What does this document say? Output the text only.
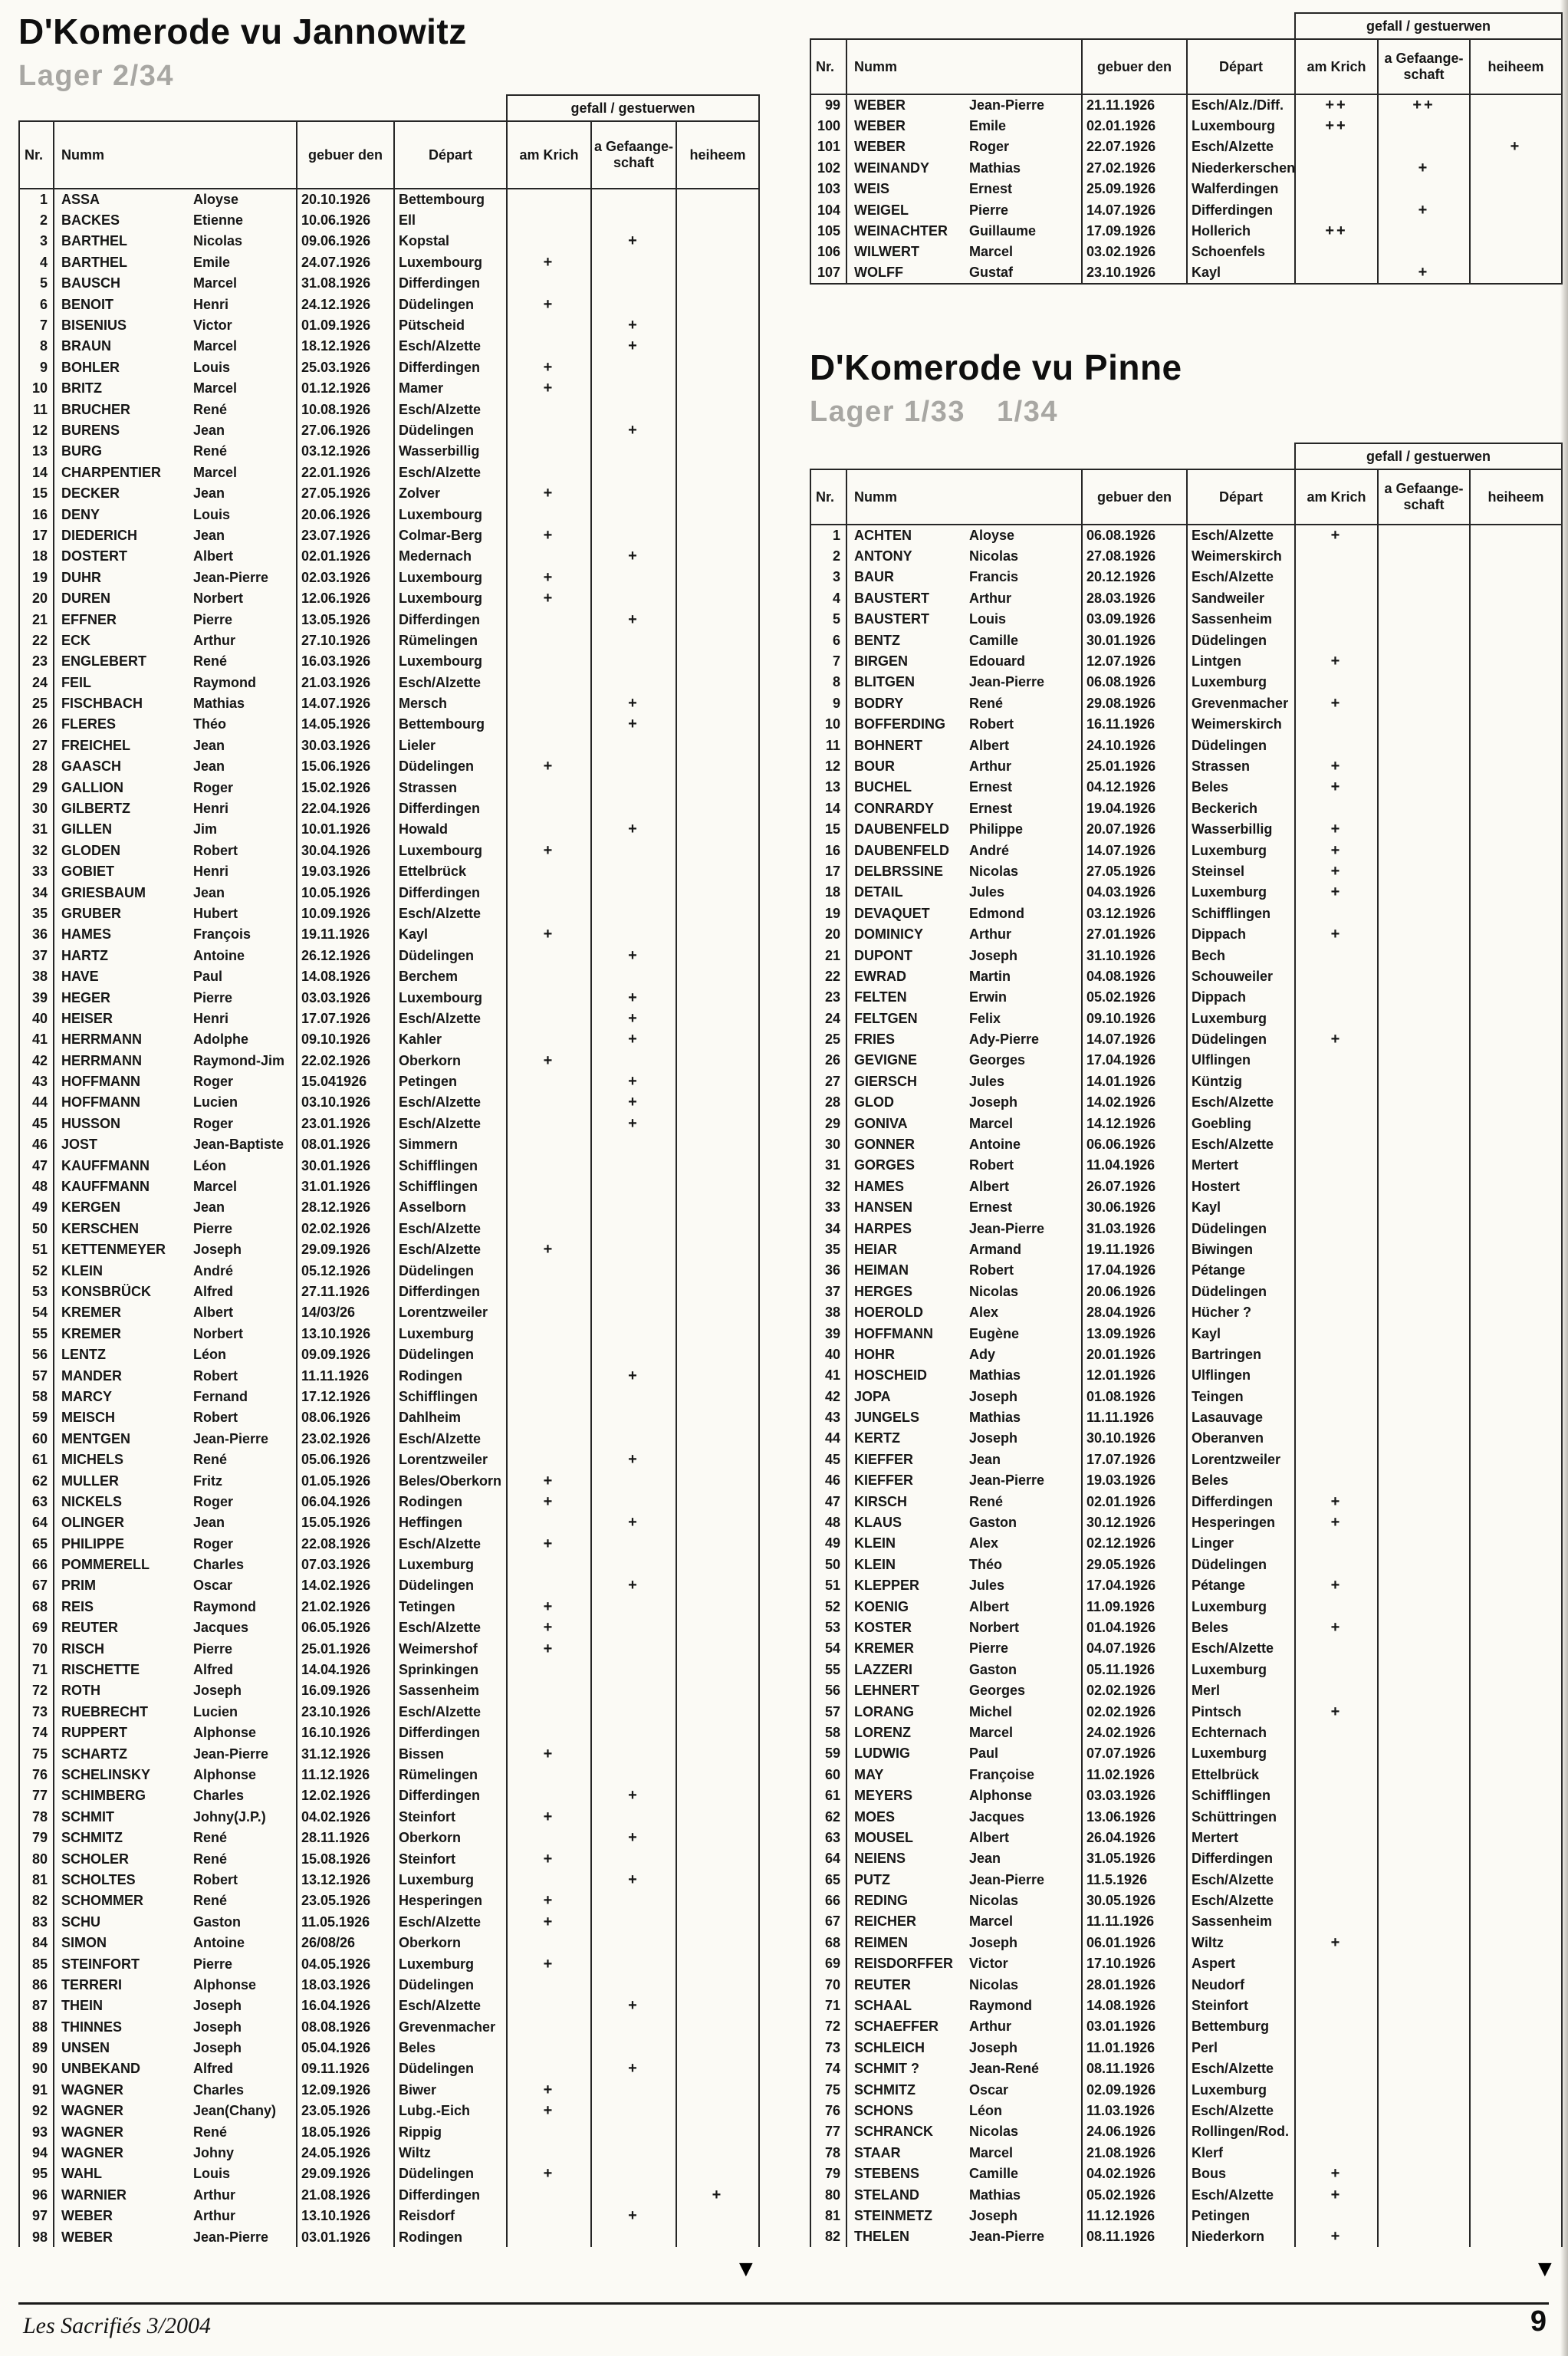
D'Komerode vu Jannowitz
Lager 2/34
				gefall / gestuerwen		
Nr.	Numm	gebuer den	Départ	am Krich	a Gefaange-
schaft	heiheem
1	ASSA Aloyse	20.10.1926	Bettembourg			
2	BACKES Etienne	10.06.1926	Ell			
3	BARTHEL Nicolas	09.06.1926	Kopstal		+	
4	BARTHEL Emile	24.07.1926	Luxembourg	+		
5	BAUSCH Marcel	31.08.1926	Differdingen			
6	BENOIT Henri	24.12.1926	Düdelingen	+		
7	BISENIUS Victor	01.09.1926	Pütscheid		+	
8	BRAUN Marcel	18.12.1926	Esch/Alzette		+	
9	BOHLER Louis	25.03.1926	Differdingen	+		
10	BRITZ Marcel	01.12.1926	Mamer	+		
11	BRUCHER René	10.08.1926	Esch/Alzette			
12	BURENS Jean	27.06.1926	Düdelingen		+	
13	BURG René	03.12.1926	Wasserbillig			
14	CHARPENTIER Marcel	22.01.1926	Esch/Alzette			
15	DECKER Jean	27.05.1926	Zolver	+		
16	DENY Louis	20.06.1926	Luxembourg			
17	DIEDERICH Jean	23.07.1926	Colmar-Berg	+		
18	DOSTERT Albert	02.01.1926	Medernach		+	
19	DUHR Jean-Pierre	02.03.1926	Luxembourg	+		
20	DUREN Norbert	12.06.1926	Luxembourg	+		
21	EFFNER Pierre	13.05.1926	Differdingen		+	
22	ECK Arthur	27.10.1926	Rümelingen			
23	ENGLEBERT René	16.03.1926	Luxembourg			
24	FEIL Raymond	21.03.1926	Esch/Alzette			
25	FISCHBACH Mathias	14.07.1926	Mersch		+	
26	FLERES Théo	14.05.1926	Bettembourg		+	
27	FREICHEL Jean	30.03.1926	Lieler			
28	GAASCH Jean	15.06.1926	Düdelingen	+		
29	GALLION Roger	15.02.1926	Strassen			
30	GILBERTZ Henri	22.04.1926	Differdingen			
31	GILLEN Jim	10.01.1926	Howald		+	
32	GLODEN Robert	30.04.1926	Luxembourg	+		
33	GOBIET Henri	19.03.1926	Ettelbrück			
34	GRIESBAUM Jean	10.05.1926	Differdingen			
35	GRUBER Hubert	10.09.1926	Esch/Alzette			
36	HAMES François	19.11.1926	Kayl	+		
37	HARTZ Antoine	26.12.1926	Düdelingen		+	
38	HAVE Paul	14.08.1926	Berchem			
39	HEGER Pierre	03.03.1926	Luxembourg		+	
40	HEISER Henri	17.07.1926	Esch/Alzette		+	
41	HERRMANN Adolphe	09.10.1926	Kahler		+	
42	HERRMANN Raymond-Jim	22.02.1926	Oberkorn	+		
43	HOFFMANN Roger	15.041926	Petingen		+	
44	HOFFMANN Lucien	03.10.1926	Esch/Alzette		+	
45	HUSSON Roger	23.01.1926	Esch/Alzette		+	
46	JOST Jean-Baptiste	08.01.1926	Simmern			
47	KAUFFMANN Léon	30.01.1926	Schifflingen			
48	KAUFFMANN Marcel	31.01.1926	Schifflingen			
49	KERGEN Jean	28.12.1926	Asselborn			
50	KERSCHEN Pierre	02.02.1926	Esch/Alzette			
51	KETTENMEYER Joseph	29.09.1926	Esch/Alzette	+		
52	KLEIN André	05.12.1926	Düdelingen			
53	KONSBRÜCK Alfred	27.11.1926	Differdingen			
54	KREMER Albert	14/03/26	Lorentzweiler			
55	KREMER Norbert	13.10.1926	Luxemburg			
56	LENTZ Léon	09.09.1926	Düdelingen			
57	MANDER Robert	11.11.1926	Rodingen		+	
58	MARCY Fernand	17.12.1926	Schifflingen			
59	MEISCH Robert	08.06.1926	Dahlheim			
60	MENTGEN Jean-Pierre	23.02.1926	Esch/Alzette			
61	MICHELS René	05.06.1926	Lorentzweiler		+	
62	MULLER Fritz	01.05.1926	Beles/Oberkorn	+		
63	NICKELS Roger	06.04.1926	Rodingen	+		
64	OLINGER Jean	15.05.1926	Heffingen		+	
65	PHILIPPE Roger	22.08.1926	Esch/Alzette	+		
66	POMMERELL Charles	07.03.1926	Luxemburg			
67	PRIM Oscar	14.02.1926	Düdelingen		+	
68	REIS Raymond	21.02.1926	Tetingen	+		
69	REUTER Jacques	06.05.1926	Esch/Alzette	+		
70	RISCH Pierre	25.01.1926	Weimershof	+		
71	RISCHETTE Alfred	14.04.1926	Sprinkingen			
72	ROTH Joseph	16.09.1926	Sassenheim			
73	RUEBRECHT Lucien	23.10.1926	Esch/Alzette			
74	RUPPERT Alphonse	16.10.1926	Differdingen			
75	SCHARTZ Jean-Pierre	31.12.1926	Bissen	+		
76	SCHELINSKY Alphonse	11.12.1926	Rümelingen			
77	SCHIMBERG Charles	12.02.1926	Differdingen		+	
78	SCHMIT Johny(J.P.)	04.02.1926	Steinfort	+		
79	SCHMITZ René	28.11.1926	Oberkorn		+	
80	SCHOLER René	15.08.1926	Steinfort	+		
81	SCHOLTES Robert	13.12.1926	Luxemburg		+	
82	SCHOMMER René	23.05.1926	Hesperingen	+		
83	SCHU Gaston	11.05.1926	Esch/Alzette	+		
84	SIMON Antoine	26/08/26	Oberkorn			
85	STEINFORT Pierre	04.05.1926	Luxemburg	+		
86	TERRERI Alphonse	18.03.1926	Düdelingen			
87	THEIN Joseph	16.04.1926	Esch/Alzette		+	
88	THINNES Joseph	08.08.1926	Grevenmacher			
89	UNSEN Joseph	05.04.1926	Beles			
90	UNBEKAND Alfred	09.11.1926	Düdelingen		+	
91	WAGNER Charles	12.09.1926	Biwer	+		
92	WAGNER Jean(Chany)	23.05.1926	Lubg.-Eich	+		
93	WAGNER René	18.05.1926	Rippig			
94	WAGNER Johny	24.05.1926	Wiltz			
95	WAHL Louis	29.09.1926	Düdelingen	+		
96	WARNIER Arthur	21.08.1926	Differdingen			+
97	WEBER Arthur	13.10.1926	Reisdorf		+	
98	WEBER Jean-Pierre	03.01.1926	Rodingen			
				gefall / gestuerwen		
Nr.	Numm	gebuer den	Départ	am Krich	a Gefaange-
schaft	heiheem
99	WEBER Jean-Pierre	21.11.1926	Esch/Alz./Diff.	++	++	
100	WEBER Emile	02.01.1926	Luxembourg	++		
101	WEBER Roger	22.07.1926	Esch/Alzette			+
102	WEINANDY Mathias	27.02.1926	Niederkerschen		+	
103	WEIS Ernest	25.09.1926	Walferdingen			
104	WEIGEL Pierre	14.07.1926	Differdingen		+	
105	WEINACHTER Guillaume	17.09.1926	Hollerich	++		
106	WILWERT Marcel	03.02.1926	Schoenfels			
107	WOLFF Gustaf	23.10.1926	Kayl		+	
D'Komerode vu Pinne
Lager 1/33  1/34
				gefall / gestuerwen		
Nr.	Numm	gebuer den	Départ	am Krich	a Gefaange-
schaft	heiheem
1	ACHTEN Aloyse	06.08.1926	Esch/Alzette	+		
2	ANTONY Nicolas	27.08.1926	Weimerskirch			
3	BAUR Francis	20.12.1926	Esch/Alzette			
4	BAUSTERT Arthur	28.03.1926	Sandweiler			
5	BAUSTERT Louis	03.09.1926	Sassenheim			
6	BENTZ Camille	30.01.1926	Düdelingen			
7	BIRGEN Edouard	12.07.1926	Lintgen	+		
8	BLITGEN Jean-Pierre	06.08.1926	Luxemburg			
9	BODRY René	29.08.1926	Grevenmacher	+		
10	BOFFERDING Robert	16.11.1926	Weimerskirch			
11	BOHNERT Albert	24.10.1926	Düdelingen			
12	BOUR Arthur	25.01.1926	Strassen	+		
13	BUCHEL Ernest	04.12.1926	Beles	+		
14	CONRARDY Ernest	19.04.1926	Beckerich			
15	DAUBENFELD Philippe	20.07.1926	Wasserbillig	+		
16	DAUBENFELD André	14.07.1926	Luxemburg	+		
17	DELBRSSINE Nicolas	27.05.1926	Steinsel	+		
18	DETAIL Jules	04.03.1926	Luxemburg	+		
19	DEVAQUET Edmond	03.12.1926	Schifflingen			
20	DOMINICY Arthur	27.01.1926	Dippach	+		
21	DUPONT Joseph	31.10.1926	Bech			
22	EWRAD Martin	04.08.1926	Schouweiler			
23	FELTEN Erwin	05.02.1926	Dippach			
24	FELTGEN Felix	09.10.1926	Luxemburg			
25	FRIES Ady-Pierre	14.07.1926	Düdelingen	+		
26	GEVIGNE Georges	17.04.1926	Ulflingen			
27	GIERSCH Jules	14.01.1926	Küntzig			
28	GLOD Joseph	14.02.1926	Esch/Alzette			
29	GONIVA Marcel	14.12.1926	Goebling			
30	GONNER Antoine	06.06.1926	Esch/Alzette			
31	GORGES Robert	11.04.1926	Mertert			
32	HAMES Albert	26.07.1926	Hostert			
33	HANSEN Ernest	30.06.1926	Kayl			
34	HARPES Jean-Pierre	31.03.1926	Düdelingen			
35	HEIAR Armand	19.11.1926	Biwingen			
36	HEIMAN Robert	17.04.1926	Pétange			
37	HERGES Nicolas	20.06.1926	Düdelingen			
38	HOEROLD Alex	28.04.1926	Hücher ?			
39	HOFFMANN Eugène	13.09.1926	Kayl			
40	HOHR Ady	20.01.1926	Bartringen			
41	HOSCHEID Mathias	12.01.1926	Ulflingen			
42	JOPA Joseph	01.08.1926	Teingen			
43	JUNGELS Mathias	11.11.1926	Lasauvage			
44	KERTZ Joseph	30.10.1926	Oberanven			
45	KIEFFER Jean	17.07.1926	Lorentzweiler			
46	KIEFFER Jean-Pierre	19.03.1926	Beles			
47	KIRSCH René	02.01.1926	Differdingen	+		
48	KLAUS Gaston	30.12.1926	Hesperingen	+		
49	KLEIN Alex	02.12.1926	Linger			
50	KLEIN Théo	29.05.1926	Düdelingen			
51	KLEPPER Jules	17.04.1926	Pétange	+		
52	KOENIG Albert	11.09.1926	Luxemburg			
53	KOSTER Norbert	01.04.1926	Beles	+		
54	KREMER Pierre	04.07.1926	Esch/Alzette			
55	LAZZERI Gaston	05.11.1926	Luxemburg			
56	LEHNERT Georges	02.02.1926	Merl			
57	LORANG Michel	02.02.1926	Pintsch	+		
58	LORENZ Marcel	24.02.1926	Echternach			
59	LUDWIG Paul	07.07.1926	Luxemburg			
60	MAY Françoise	11.02.1926	Ettelbrück			
61	MEYERS Alphonse	03.03.1926	Schifflingen			
62	MOES Jacques	13.06.1926	Schüttringen			
63	MOUSEL Albert	26.04.1926	Mertert			
64	NEIENS Jean	31.05.1926	Differdingen			
65	PUTZ Jean-Pierre	11.5.1926	Esch/Alzette			
66	REDING Nicolas	30.05.1926	Esch/Alzette			
67	REICHER Marcel	11.11.1926	Sassenheim			
68	REIMEN Joseph	06.01.1926	Wiltz	+		
69	REISDORFFER Victor	17.10.1926	Aspert			
70	REUTER Nicolas	28.01.1926	Neudorf			
71	SCHAAL Raymond	14.08.1926	Steinfort			
72	SCHAEFFER Arthur	03.01.1926	Bettemburg			
73	SCHLEICH Joseph	11.01.1926	Perl			
74	SCHMIT ? Jean-René	08.11.1926	Esch/Alzette			
75	SCHMITZ Oscar	02.09.1926	Luxemburg			
76	SCHONS Léon	11.03.1926	Esch/Alzette			
77	SCHRANCK Nicolas	24.06.1926	Rollingen/Rod.			
78	STAAR Marcel	21.08.1926	Klerf			
79	STEBENS Camille	04.02.1926	Bous	+		
80	STELAND Mathias	05.02.1926	Esch/Alzette	+		
81	STEINMETZ Joseph	11.12.1926	Petingen			
82	THELEN Jean-Pierre	08.11.1926	Niederkorn	+		
▼	▼
Les Sacrifiés 3/2004	9
